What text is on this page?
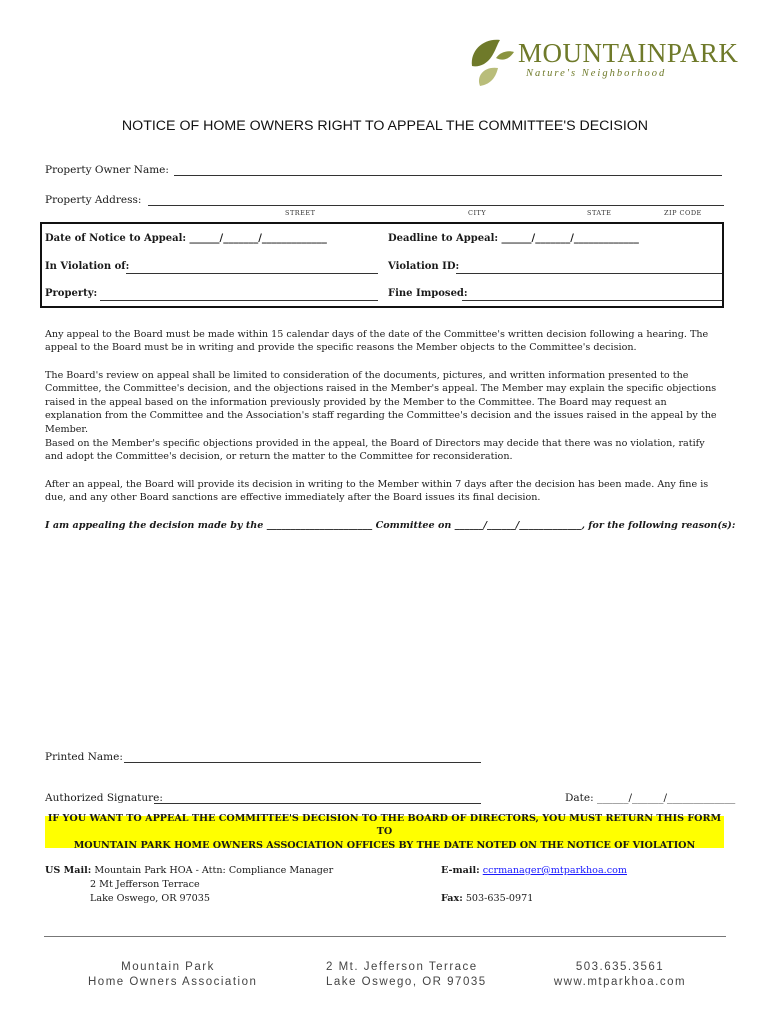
MOUNTAINPARK
Nature's Neighborhood
NOTICE OF HOME OWNERS RIGHT TO APPEAL THE COMMITTEE'S DECISION
Property Owner Name:
Property Address:
STREET	CITY	STATE	ZIP CODE
Date of Notice to Appeal: ______/_______/_____________	Deadline to Appeal: ______/_______/_____________
In Violation of:	Violation ID:
Property:	Fine Imposed:
Any appeal to the Board must be made within 15 calendar days of the date of the Committee's written decision following a hearing. The appeal to the Board must be in writing and provide the specific reasons the Member objects to the Committee's decision.
The Board's review on appeal shall be limited to consideration of the documents, pictures, and written information presented to the Committee, the Committee's decision, and the objections raised in the Member's appeal. The Member may explain the specific objections raised in the appeal based on the information previously provided by the Member to the Committee. The Board may request an explanation from the Committee and the Association's staff regarding the Committee's decision and the issues raised in the appeal by the Member.
Based on the Member's specific objections provided in the appeal, the Board of Directors may decide that there was no violation, ratify and adopt the Committee's decision, or return the matter to the Committee for reconsideration.
After an appeal, the Board will provide its decision in writing to the Member within 7 days after the decision has been made. Any fine is due, and any other Board sanctions are effective immediately after the Board issues its final decision.
I am appealing the decision made by the ______________________ Committee on ______/______/_____________, for the following reason(s):
Printed Name:
Authorized Signature:	Date: ______/______/_____________
IF YOU WANT TO APPEAL THE COMMITTEE'S DECISION TO THE BOARD OF DIRECTORS, YOU MUST RETURN THIS FORM TO
MOUNTAIN PARK HOME OWNERS ASSOCIATION OFFICES BY THE DATE NOTED ON THE NOTICE OF VIOLATION
US Mail: Mountain Park HOA - Attn: Compliance Manager
2 Mt Jefferson Terrace
Lake Oswego, OR 97035
E-mail: ccrmanager@mtparkhoa.com
Fax: 503-635-0971
Mountain Park
Home Owners Association
2 Mt. Jefferson Terrace
Lake Oswego, OR 97035
503.635.3561
www.mtparkhoa.com
